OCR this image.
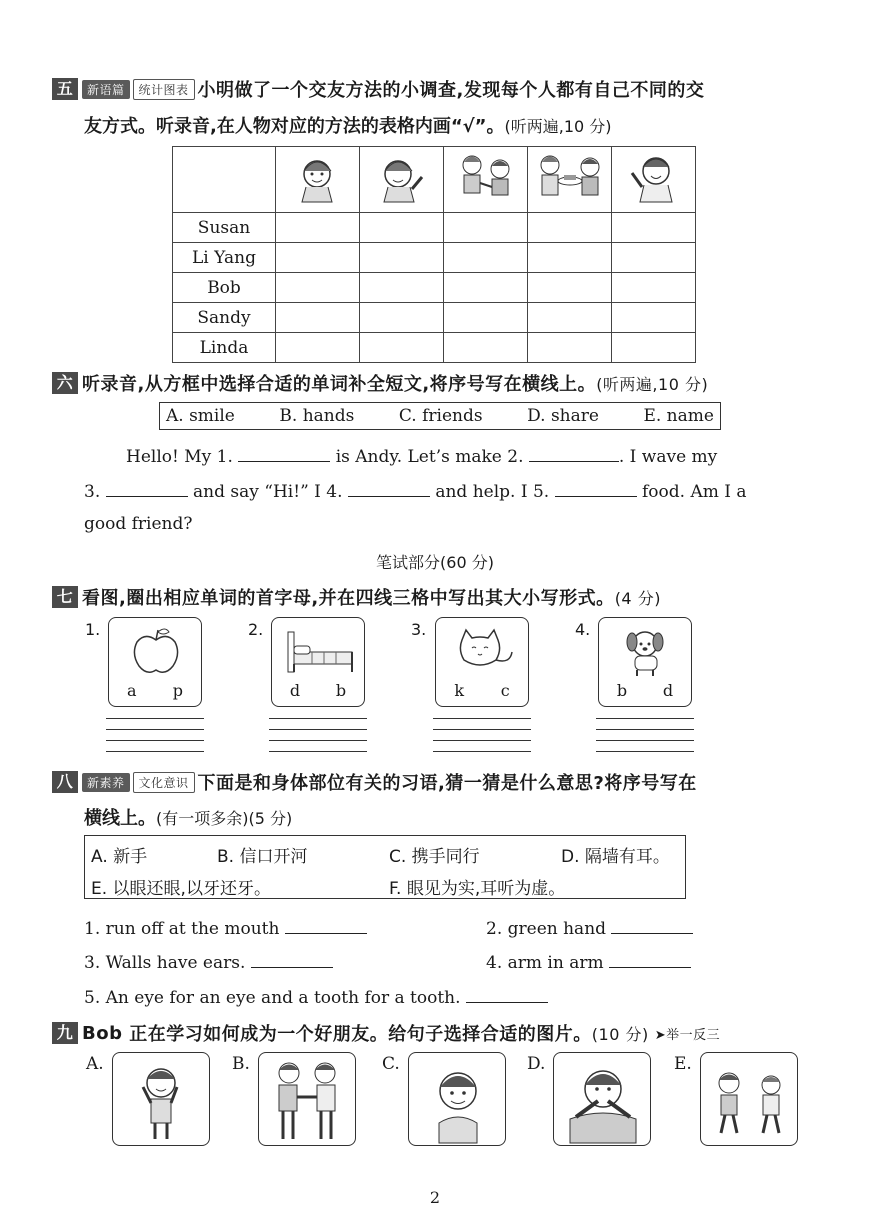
五	新语篇	统计图表 小明做了一个交友方法的小调查,发现每个人都有自己不同的交
友方式。听录音,在人物对应的方法的表格内画“√”。(听两遍,10 分)

Susan					
Li Yang					
Bob					
Sandy					
Linda					
六 听录音,从方框中选择合适的单词补全短文,将序号写在横线上。 (听两遍,10 分)
A. smile	B. hands	C. friends	D. share	E. name
Hello! My 1.	is Andy. Let’s make 2.	. I wave my
3.	and say “Hi!” I 4.	and help. I 5.	food. Am I a
good friend?
笔试部分(60 分)
七 看图,圈出相应单词的首字母,并在四线三格中写出其大小写形式。 (4 分)
1.
a p
2.
d b
3.
k c
4.
b d
八	新素养	文化意识 下面是和身体部位有关的习语,猜一猜是什么意思?将序号写在
横线上。(有一项多余)(5 分)
A. 新手	B. 信口开河	C. 携手同行	D. 隔墙有耳。
E. 以眼还眼,以牙还牙。	F. 眼见为实,耳听为虚。
1. run off at the mouth	2. green hand
3. Walls have ears.	4. arm in arm
5. An eye for an eye and a tooth for a tooth.
九 Bob
正在学习如何成为一个好朋友。给句子选择合适的图片。 (10 分) ➤举一反三
A.	B.	C.	D.	E.
2
